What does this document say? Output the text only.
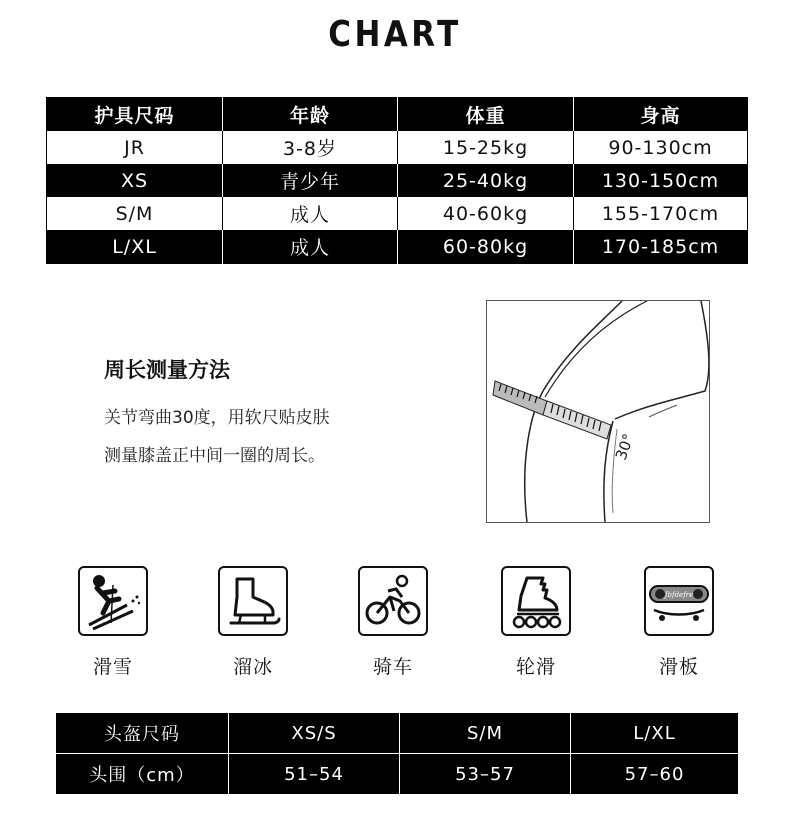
CHART
护具尺码	年龄	体重	身高
JR	3-8岁	15-25kg	90-130cm
XS	青少年	25-40kg	130-150cm
S/M	成人	40-60kg	155-170cm
L/XL	成人	60-80kg	170-185cm
周长测量方法
关节弯曲30度，用软尺贴皮肤
测量膝盖正中间一圈的周长。	30°
滑雪	溜冰	骑车	轮滑
Jbfdefre
滑板
头盔尺码	XS/S	S/M	L/XL
头围（cm）	51–54	53–57	57–60
